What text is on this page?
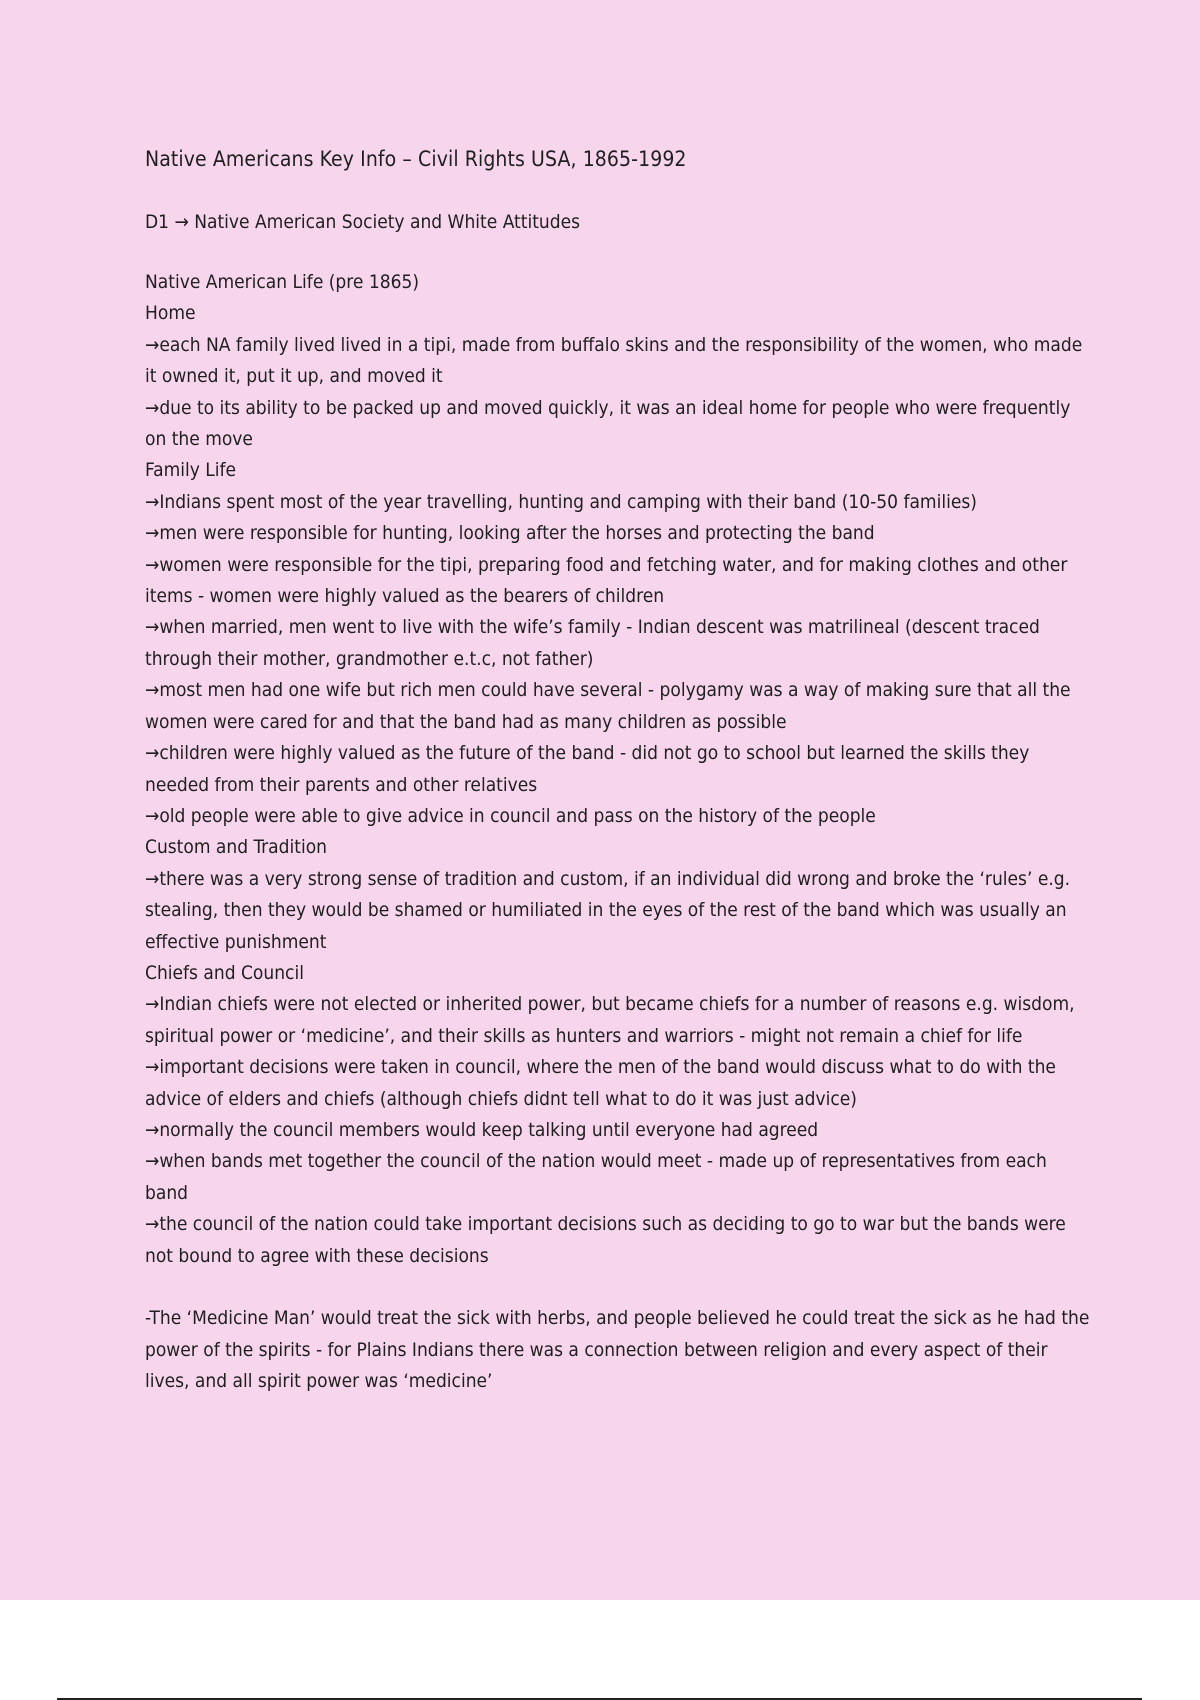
Native Americans Key Info – Civil Rights USA, 1865-1992
D1 → Native American Society and White Attitudes

Native American Life (pre 1865)

Home

→each NA family lived lived in a tipi, made from buffalo skins and the responsibility of the women, who made it owned it, put it up, and moved it

→due to its ability to be packed up and moved quickly, it was an ideal home for people who were frequently on the move

Family Life

→Indians spent most of the year travelling, hunting and camping with their band (10-50 families)

→men were responsible for hunting, looking after the horses and protecting the band

→women were responsible for the tipi, preparing food and fetching water, and for making clothes and other items - women were highly valued as the bearers of children

→when married, men went to live with the wife’s family - Indian descent was matrilineal (descent traced through their mother, grandmother e.t.c, not father)

→most men had one wife but rich men could have several - polygamy was a way of making sure that all the women were cared for and that the band had as many children as possible

→children were highly valued as the future of the band - did not go to school but learned the skills they needed from their parents and other relatives

→old people were able to give advice in council and pass on the history of the people

Custom and Tradition

→there was a very strong sense of tradition and custom, if an individual did wrong and broke the ‘rules’ e.g. stealing, then they would be shamed or humiliated in the eyes of the rest of the band which was usually an effective punishment

Chiefs and Council

→Indian chiefs were not elected or inherited power, but became chiefs for a number of reasons e.g. wisdom, spiritual power or ‘medicine’, and their skills as hunters and warriors - might not remain a chief for life

→important decisions were taken in council, where the men of the band would discuss what to do with the advice of elders and chiefs (although chiefs didnt tell what to do it was just advice)

→normally the council members would keep talking until everyone had agreed

→when bands met together the council of the nation would meet - made up of representatives from each band

→the council of the nation could take important decisions such as deciding to go to war but the bands were not bound to agree with these decisions

-The ‘Medicine Man’ would treat the sick with herbs, and people believed he could treat the sick as he had the power of the spirits - for Plains Indians there was a connection between religion and every aspect of their lives, and all spirit power was ‘medicine’
